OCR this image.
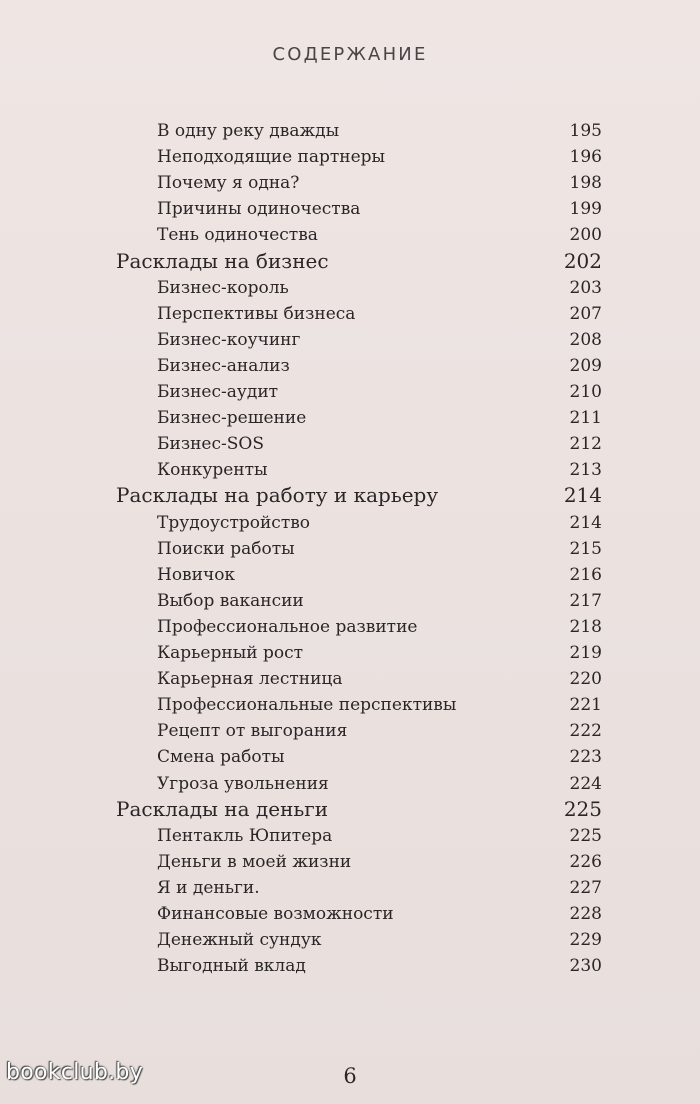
СОДЕРЖАНИЕ
В одну реку дважды	195
Неподходящие партнеры	196
Почему я одна?	198
Причины одиночества	199
Тень одиночества	200
Расклады на бизнес	202
Бизнес-король	203
Перспективы бизнеса	207
Бизнес-коучинг	208
Бизнес-анализ	209
Бизнес-аудит	210
Бизнес-решение	211
Бизнес-SOS	212
Конкуренты	213
Расклады на работу и карьеру	214
Трудоустройство	214
Поиски работы	215
Новичок	216
Выбор вакансии	217
Профессиональное развитие	218
Карьерный рост	219
Карьерная лестница	220
Профессиональные перспективы	221
Рецепт от выгорания	222
Смена работы	223
Угроза увольнения	224
Расклады на деньги	225
Пентакль Юпитера	225
Деньги в моей жизни	226
Я и деньги.	227
Финансовые возможности	228
Денежный сундук	229
Выгодный вклад	230
6
bookclub.by
